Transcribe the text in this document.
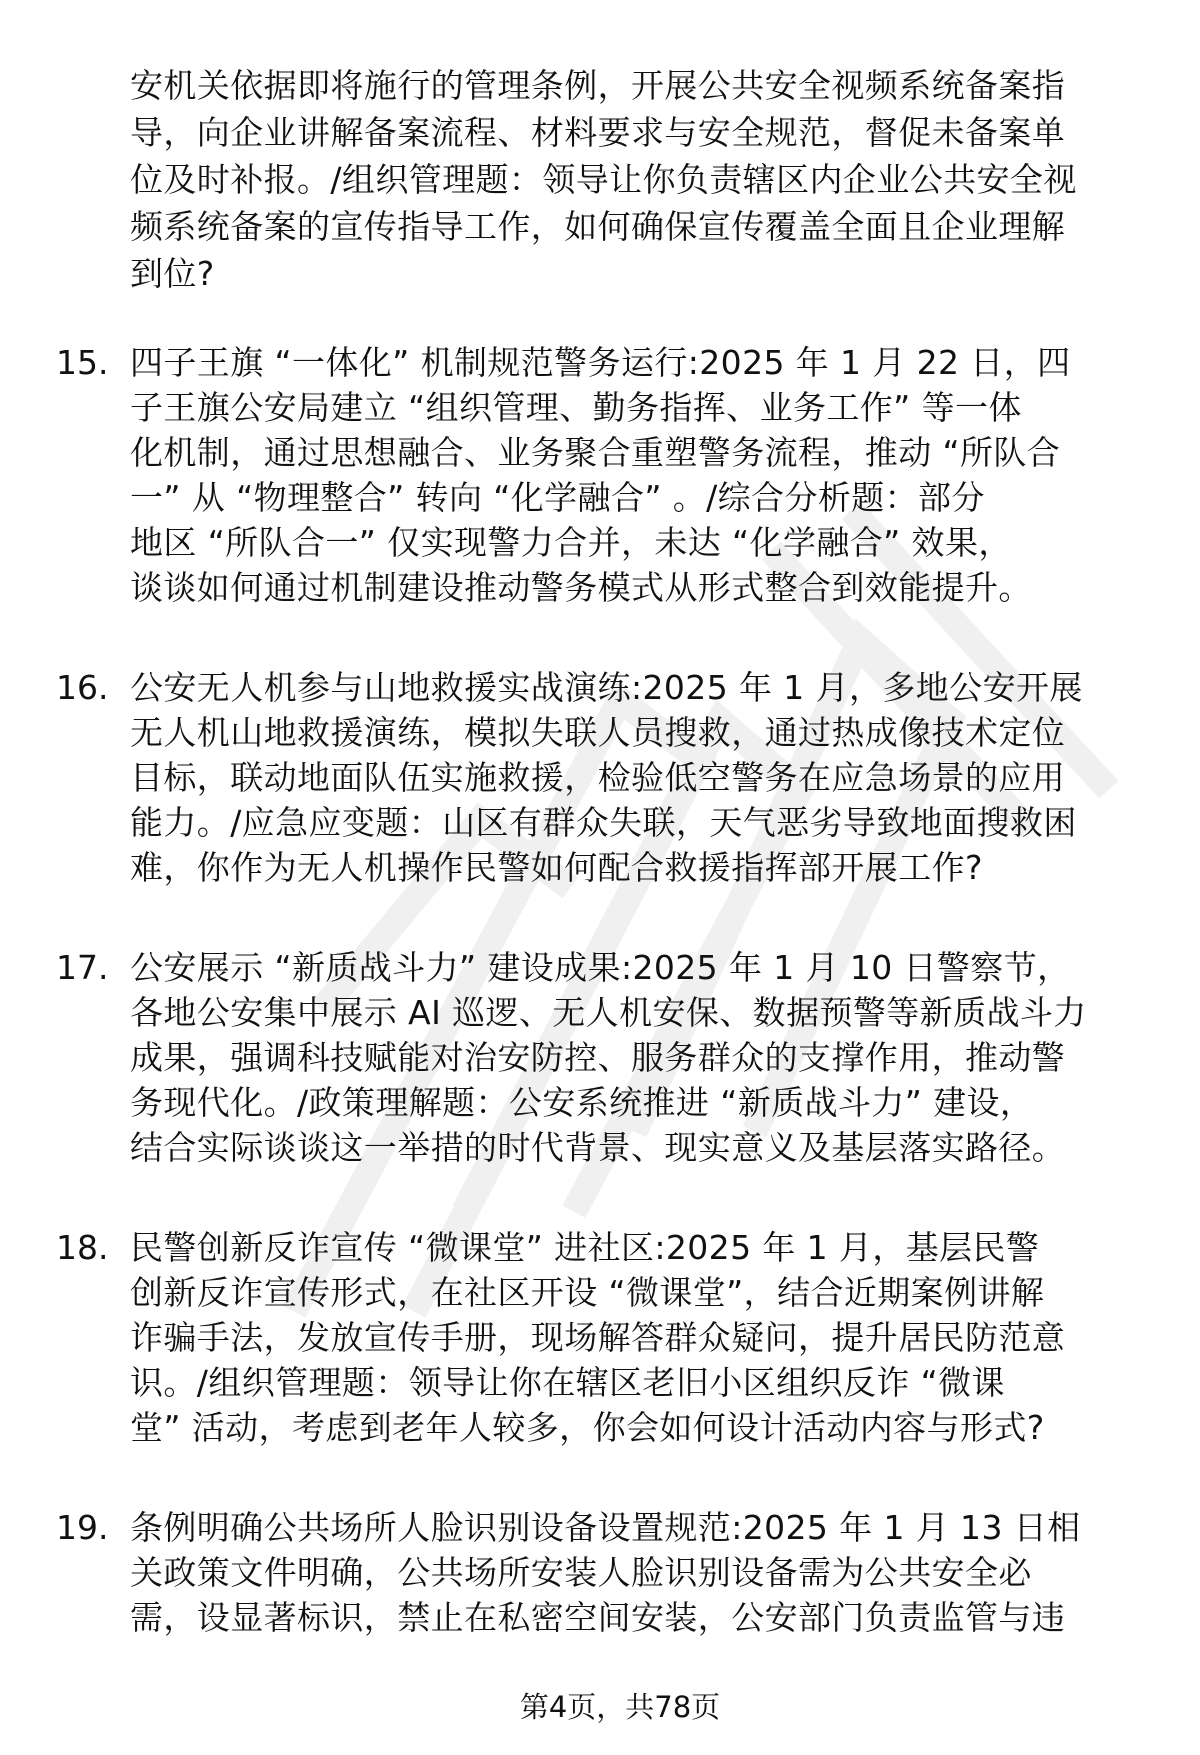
安机关依据即将施行的管理条例，开展公共安全视频系统备案指
导，向企业讲解备案流程、材料要求与安全规范，督促未备案单
位及时补报。/组织管理题：领导让你负责辖区内企业公共安全视
频系统备案的宣传指导工作，如何确保宣传覆盖全面且企业理解
到位?
15. 四子王旗 “一体化” 机制规范警务运行:2025 年 1 月 22 日，四
子王旗公安局建立 “组织管理、勤务指挥、业务工作” 等一体
化机制，通过思想融合、业务聚合重塑警务流程，推动 “所队合
一” 从 “物理整合” 转向 “化学融合” 。/综合分析题：部分
地区 “所队合一” 仅实现警力合并，未达 “化学融合” 效果，
谈谈如何通过机制建设推动警务模式从形式整合到效能提升。
16. 公安无人机参与山地救援实战演练:2025 年 1 月，多地公安开展
无人机山地救援演练，模拟失联人员搜救，通过热成像技术定位
目标，联动地面队伍实施救援，检验低空警务在应急场景的应用
能力。/应急应变题：山区有群众失联，天气恶劣导致地面搜救困
难，你作为无人机操作民警如何配合救援指挥部开展工作?
17. 公安展示 “新质战斗力” 建设成果:2025 年 1 月 10 日警察节，
各地公安集中展示 AI 巡逻、无人机安保、数据预警等新质战斗力
成果，强调科技赋能对治安防控、服务群众的支撑作用，推动警
务现代化。/政策理解题：公安系统推进 “新质战斗力” 建设，
结合实际谈谈这一举措的时代背景、现实意义及基层落实路径。
18. 民警创新反诈宣传 “微课堂” 进社区:2025 年 1 月，基层民警
创新反诈宣传形式，在社区开设 “微课堂”，结合近期案例讲解
诈骗手法，发放宣传手册，现场解答群众疑问，提升居民防范意
识。/组织管理题：领导让你在辖区老旧小区组织反诈 “微课
堂” 活动，考虑到老年人较多，你会如何设计活动内容与形式?
19. 条例明确公共场所人脸识别设备设置规范:2025 年 1 月 13 日相
关政策文件明确，公共场所安装人脸识别设备需为公共安全必
需，设显著标识，禁止在私密空间安装，公安部门负责监管与违
第4页，共78页
